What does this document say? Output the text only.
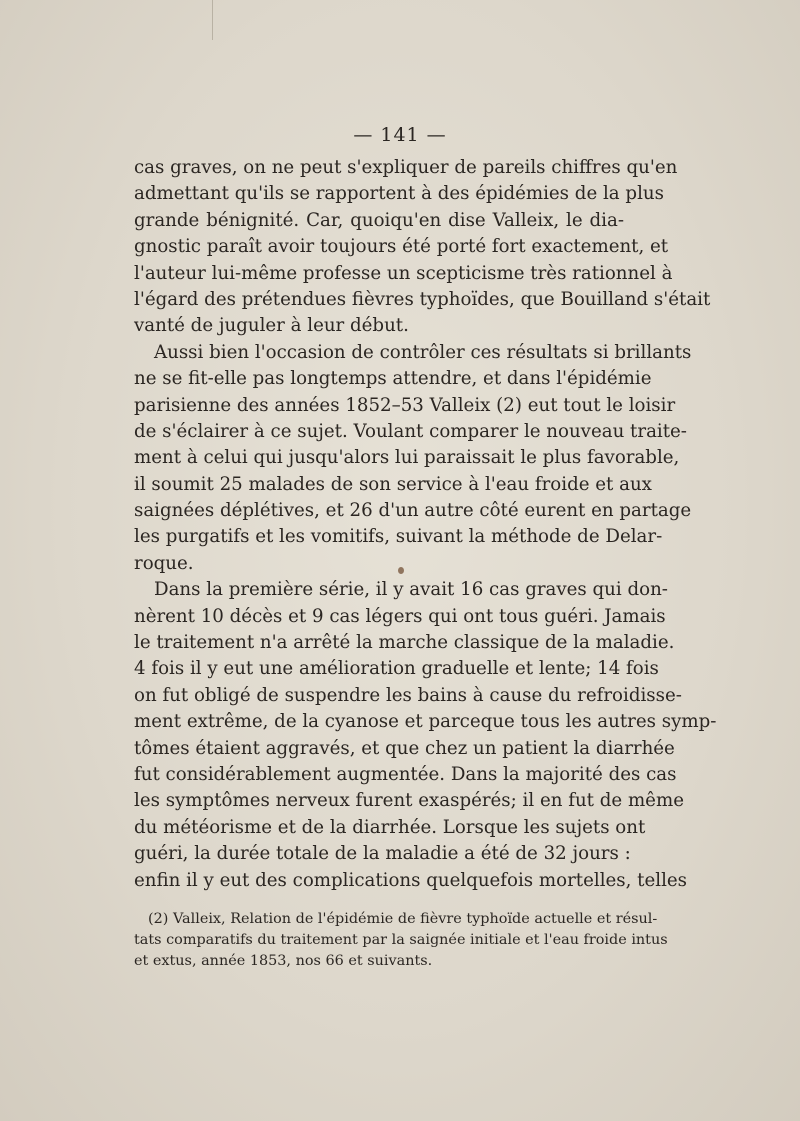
— 141 —
cas graves, on ne peut s'expliquer de pareils chiffres qu'en
admettant qu'ils se rapportent à des épidémies de la plus
grande bénignité. Car, quoiqu'en dise Valleix, le dia-
gnostic paraît avoir toujours été porté fort exactement, et
l'auteur lui-même professe un scepticisme très rationnel à
l'égard des prétendues fièvres typhoïdes, que Bouilland s'était
vanté de juguler à leur début.
Aussi bien l'occasion de contrôler ces résultats si brillants
ne se fit-elle pas longtemps attendre, et dans l'épidémie
parisienne des années 1852–53 Valleix (2) eut tout le loisir
de s'éclairer à ce sujet. Voulant comparer le nouveau traite-
ment à celui qui jusqu'alors lui paraissait le plus favorable,
il soumit 25 malades de son service à l'eau froide et aux
saignées déplétives, et 26 d'un autre côté eurent en partage
les purgatifs et les vomitifs, suivant la méthode de Delar-
roque.
Dans la première série, il y avait 16 cas graves qui don-
nèrent 10 décès et 9 cas légers qui ont tous guéri. Jamais
le traitement n'a arrêté la marche classique de la maladie.
4 fois il y eut une amélioration graduelle et lente; 14 fois
on fut obligé de suspendre les bains à cause du refroidisse-
ment extrême, de la cyanose et parceque tous les autres symp-
tômes étaient aggravés, et que chez un patient la diarrhée
fut considérablement augmentée. Dans la majorité des cas
les symptômes nerveux furent exaspérés; il en fut de même
du météorisme et de la diarrhée. Lorsque les sujets ont
guéri, la durée totale de la maladie a été de 32 jours :
enfin il y eut des complications quelquefois mortelles, telles
(2) Valleix, Relation de l'épidémie de fièvre typhoïde actuelle et résul-
tats comparatifs du traitement par la saignée initiale et l'eau froide intus
et extus, année 1853, nos 66 et suivants.
